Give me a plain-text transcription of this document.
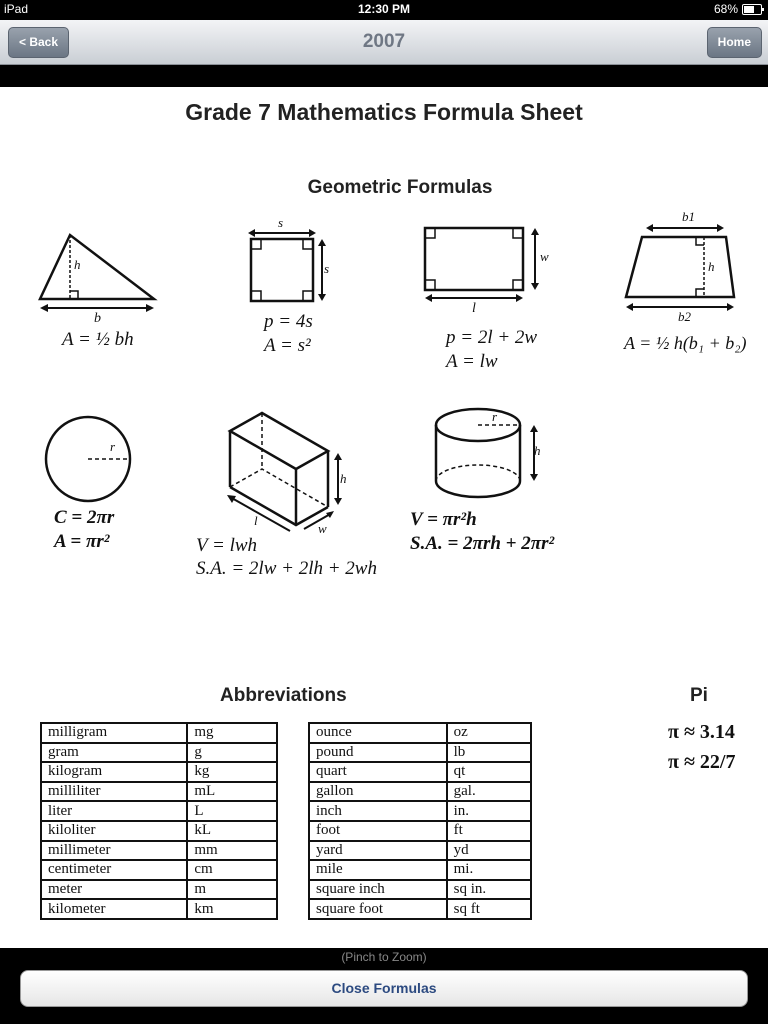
iPad	12:30 PM	68%
< Back	2007	Home
Grade 7 Mathematics Formula Sheet
Geometric Formulas
h
b
A = ½ bh
s
s
p = 4s
A = s²
w
l
p = 2l + 2w
A = lw
b1
h
b2
A = ½ h(b₁ + b₂)
r
C = 2πr
A = πr²
h
l
w
V = lwh
S.A. = 2lw + 2lh + 2wh
r
h
V = πr²h
S.A. = 2πrh + 2πr²
Abbreviations
milligram	mg
gram	g
kilogram	kg
milliliter	mL
liter	L
kiloliter	kL
millimeter	mm
centimeter	cm
meter	m
kilometer	km
ounce	oz
pound	lb
quart	qt
gallon	gal.
inch	in.
foot	ft
yard	yd
mile	mi.
square inch	sq in.
square foot	sq ft
Pi
π ≈ 3.14
π ≈ 22/7
(Pinch to Zoom)
Close Formulas
